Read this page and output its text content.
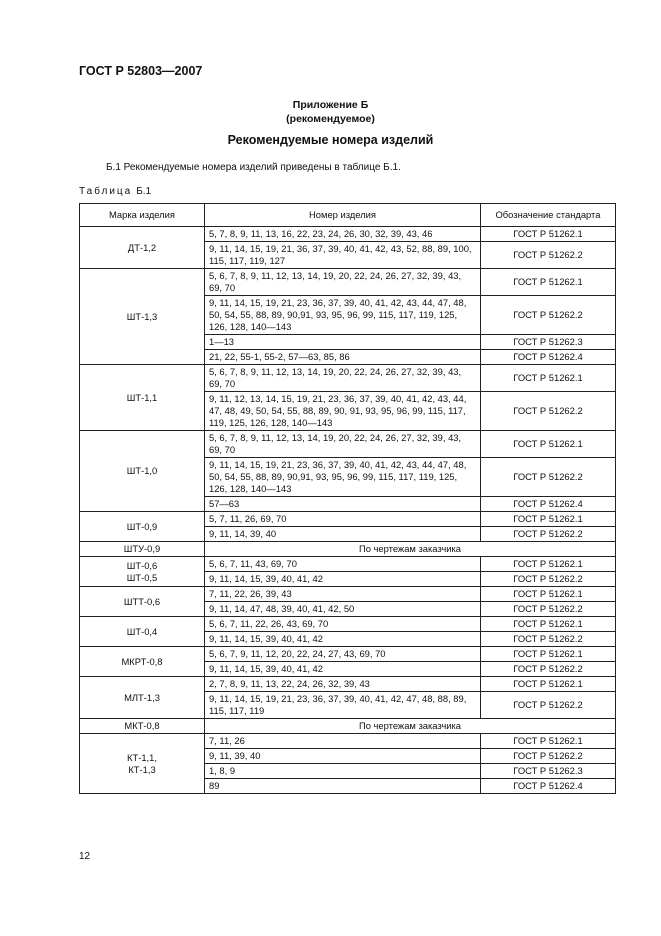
ГОСТ Р 52803—2007
Приложение Б
(рекомендуемое)
Рекомендуемые номера изделий
Б.1 Рекомендуемые номера изделий приведены в таблице Б.1.
Таблица Б.1
Марка изделия	Номер изделия	Обозначение стандарта

ДТ-1,2	5, 7, 8, 9, 11, 13, 16, 22, 23, 24, 26, 30, 32, 39, 43, 46	ГОСТ Р 51262.1
	9, 11, 14, 15, 19, 21, 36, 37, 39, 40, 41, 42, 43, 52, 88, 89, 100, 115, 117, 119, 127	ГОСТ Р 51262.2

ШТ-1,3	5, 6, 7, 8, 9, 11, 12, 13, 14, 19, 20, 22, 24, 26, 27, 32, 39, 43, 69, 70	ГОСТ Р 51262.1
	9, 11, 14, 15, 19, 21, 23, 36, 37, 39, 40, 41, 42, 43, 44, 47, 48, 50, 54, 55, 88, 89, 90,91, 93, 95, 96, 99, 115, 117, 119, 125, 126, 128, 140—143	ГОСТ Р 51262.2
	1—13	ГОСТ Р 51262.3
	21, 22, 55-1, 55-2, 57—63, 85, 86	ГОСТ Р 51262.4

ШТ-1,1	5, 6, 7, 8, 9, 11, 12, 13, 14, 19, 20, 22, 24, 26, 27, 32, 39, 43, 69, 70	ГОСТ Р 51262.1
	9, 11, 12, 13, 14, 15, 19, 21, 23, 36, 37, 39, 40, 41, 42, 43, 44, 47, 48, 49, 50, 54, 55, 88, 89, 90, 91, 93, 95, 96, 99, 115, 117, 119, 125, 126, 128, 140—143	ГОСТ Р 51262.2

ШТ-1,0	5, 6, 7, 8, 9, 11, 12, 13, 14, 19, 20, 22, 24, 26, 27, 32, 39, 43, 69, 70	ГОСТ Р 51262.1
	9, 11, 14, 15, 19, 21, 23, 36, 37, 39, 40, 41, 42, 43, 44, 47, 48, 50, 54, 55, 88, 89, 90,91, 93, 95, 96, 99, 115, 117, 119, 125, 126, 128, 140—143	ГОСТ Р 51262.2
	57—63	ГОСТ Р 51262.4

ШТ-0,9	5, 7, 11, 26, 69, 70	ГОСТ Р 51262.1
	9, 11, 14, 39, 40	ГОСТ Р 51262.2
ШТУ-0,9	По чертежам заказчика	

ШТ-0,6
ШТ-0,5	5, 6, 7, 11, 43, 69, 70	ГОСТ Р 51262.1
	9, 11, 14, 15, 39, 40, 41, 42	ГОСТ Р 51262.2

ШТТ-0,6	7, 11, 22, 26, 39, 43	ГОСТ Р 51262.1
	9, 11, 14, 47, 48, 39, 40, 41, 42, 50	ГОСТ Р 51262.2

ШТ-0,4	5, 6, 7, 11, 22, 26, 43, 69, 70	ГОСТ Р 51262.1
	9, 11, 14, 15, 39, 40, 41, 42	ГОСТ Р 51262.2

МКРТ-0,8	5, 6, 7, 9, 11, 12, 20, 22, 24, 27, 43, 69, 70	ГОСТ Р 51262.1
	9, 11, 14, 15, 39, 40, 41, 42	ГОСТ Р 51262.2

МЛТ-1,3	2, 7, 8, 9, 11, 13, 22, 24, 26, 32, 39, 43	ГОСТ Р 51262.1
	9, 11, 14, 15, 19, 21, 23, 36, 37, 39, 40, 41, 42, 47, 48, 88, 89, 115, 117, 119	ГОСТ Р 51262.2
МКТ-0,8	По чертежам заказчика	

КТ-1,1,
КТ-1,3	7, 11, 26	ГОСТ Р 51262.1
	9, 11, 39, 40	ГОСТ Р 51262.2
	1, 8, 9	ГОСТ Р 51262.3
	89	ГОСТ Р 51262.4
12
